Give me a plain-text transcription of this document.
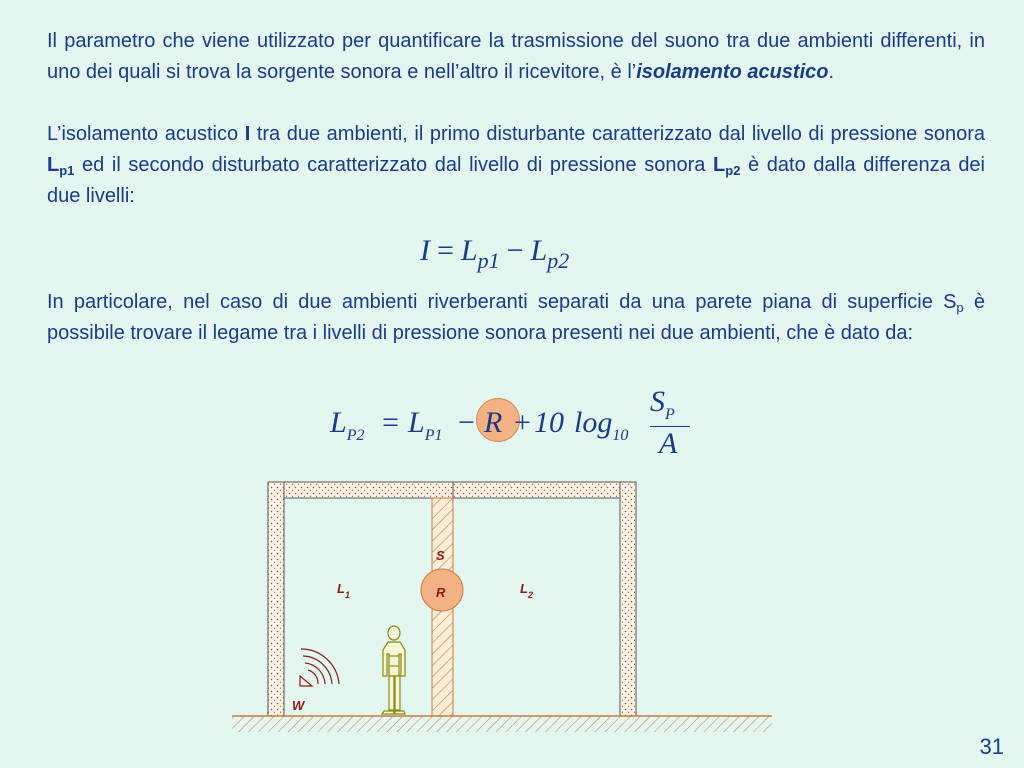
Il parametro che viene utilizzato per quantificare la trasmissione del suono tra due ambienti differenti, in uno dei quali si trova la sorgente sonora e nell’altro il ricevitore, è l’isolamento acustico.

L’isolamento acustico I tra due ambienti, il primo disturbante caratterizzato dal livello di pressione sonora $L_{p1}$ ed il secondo disturbato caratterizzato dal livello di pressione sonora $L_{p2}$ è dato dalla differenza dei due livelli:

$I = L_{p1} - L_{p2}$

In particolare, nel caso di due ambienti riverberanti separati da una parete piana di superficie $S_p$ è possibile trovare il legame tra i livelli di pressione sonora presenti nei due ambienti, che è dato da:

$L_{P2} = L_{P1} - R + 10$ $\log_{10}$
$S_P$
A
S
R
$L_1$	$L_2$
W
31
